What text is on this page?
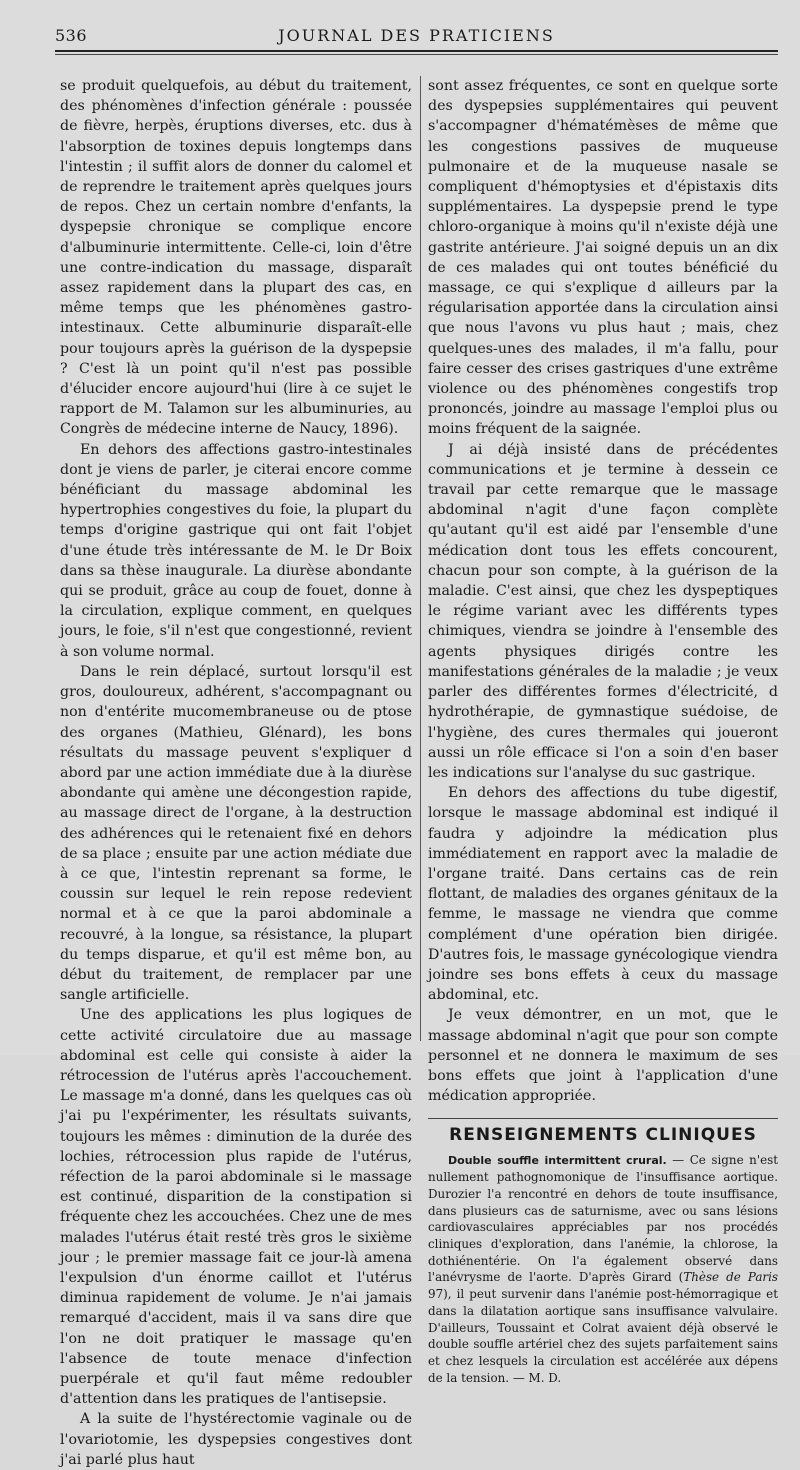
536	JOURNAL DES PRATICIENS

se produit quelquefois, au début du traitement, des phénomènes d'infection générale : poussée de fièvre, herpès, éruptions diverses, etc. dus à l'absorption de toxines depuis longtemps dans l'intestin ; il suffit alors de donner du calomel et de reprendre le traitement après quelques jours de repos. Chez un certain nombre d'enfants, la dyspepsie chronique se complique encore d'albuminurie intermittente. Celle-ci, loin d'être une contre-indication du massage, disparaît assez rapidement dans la plupart des cas, en même temps que les phénomènes gastro-intestinaux. Cette albuminurie disparaît-elle pour toujours après la guérison de la dyspepsie ? C'est là un point qu'il n'est pas possible d'élucider encore aujourd'hui (lire à ce sujet le rapport de M. Talamon sur les albuminuries, au Congrès de médecine interne de Naucy, 1896).

En dehors des affections gastro-intestinales dont je viens de parler, je citerai encore comme bénéficiant du massage abdominal les hypertrophies congestives du foie, la plupart du temps d'origine gastrique qui ont fait l'objet d'une étude très intéressante de M. le Dr Boix dans sa thèse inaugurale. La diurèse abondante qui se produit, grâce au coup de fouet, donne à la circulation, explique comment, en quelques jours, le foie, s'il n'est que congestionné, revient à son volume normal.

Dans le rein déplacé, surtout lorsqu'il est gros, douloureux, adhérent, s'accompagnant ou non d'entérite mucomembraneuse ou de ptose des organes (Mathieu, Glénard), les bons résultats du massage peuvent s'expliquer d abord par une action immédiate due à la diurèse abondante qui amène une décongestion rapide, au massage direct de l'organe, à la destruction des adhérences qui le retenaient fixé en dehors de sa place ; ensuite par une action médiate due à ce que, l'intestin reprenant sa forme, le coussin sur lequel le rein repose redevient normal et à ce que la paroi abdominale a recouvré, à la longue, sa résistance, la plupart du temps disparue, et qu'il est même bon, au début du traitement, de remplacer par une sangle artificielle.

Une des applications les plus logiques de cette activité circulatoire due au massage abdominal est celle qui consiste à aider la rétrocession de l'utérus après l'accouchement. Le massage m'a donné, dans les quelques cas où j'ai pu l'expérimenter, les résultats suivants, toujours les mêmes : diminution de la durée des lochies, rétrocession plus rapide de l'utérus, réfection de la paroi abdominale si le massage est continué, disparition de la constipation si fréquente chez les accouchées. Chez une de mes malades l'utérus était resté très gros le sixième jour ; le premier massage fait ce jour-là amena l'expulsion d'un énorme caillot et l'utérus diminua rapidement de volume. Je n'ai jamais remarqué d'accident, mais il va sans dire que l'on ne doit pratiquer le massage qu'en l'absence de toute menace d'infection puerpérale et qu'il faut même redoubler d'attention dans les pratiques de l'antisepsie.

A la suite de l'hystérectomie vaginale ou de l'ovariotomie, les dyspepsies congestives dont j'ai parlé plus haut

sont assez fréquentes, ce sont en quelque sorte des dyspepsies supplémentaires qui peuvent s'accompagner d'hématémèses de même que les congestions passives de muqueuse pulmonaire et de la muqueuse nasale se compliquent d'hémoptysies et d'épistaxis dits supplémentaires. La dyspepsie prend le type chloro-organique à moins qu'il n'existe déjà une gastrite antérieure. J'ai soigné depuis un an dix de ces malades qui ont toutes bénéficié du massage, ce qui s'explique d ailleurs par la régularisation apportée dans la circulation ainsi que nous l'avons vu plus haut ; mais, chez quelques-unes des malades, il m'a fallu, pour faire cesser des crises gastriques d'une extrême violence ou des phénomènes congestifs trop prononcés, joindre au massage l'emploi plus ou moins fréquent de la saignée.

J ai déjà insisté dans de précédentes communications et je termine à dessein ce travail par cette remarque que le massage abdominal n'agit d'une façon complète qu'autant qu'il est aidé par l'ensemble d'une médication dont tous les effets concourent, chacun pour son compte, à la guérison de la maladie. C'est ainsi, que chez les dyspeptiques le régime variant avec les différents types chimiques, viendra se joindre à l'ensemble des agents physiques dirigés contre les manifestations générales de la maladie ; je veux parler des différentes formes d'électricité, d hydrothérapie, de gymnastique suédoise, de l'hygiène, des cures thermales qui joueront aussi un rôle efficace si l'on a soin d'en baser les indications sur l'analyse du suc gastrique.

En dehors des affections du tube digestif, lorsque le massage abdominal est indiqué il faudra y adjoindre la médication plus immédiatement en rapport avec la maladie de l'organe traité. Dans certains cas de rein flottant, de maladies des organes génitaux de la femme, le massage ne viendra que comme complément d'une opération bien dirigée. D'autres fois, le massage gynécologique viendra joindre ses bons effets à ceux du massage abdominal, etc.

Je veux démontrer, en un mot, que le massage abdominal n'agit que pour son compte personnel et ne donnera le maximum de ses bons effets que joint à l'application d'une médication appropriée.

RENSEIGNEMENTS CLINIQUES

Double souffle intermittent crural. — Ce signe n'est nullement pathognomonique de l'insuffisance aortique. Durozier l'a rencontré en dehors de toute insuffisance, dans plusieurs cas de saturnisme, avec ou sans lésions cardiovasculaires appréciables par nos procédés cliniques d'exploration, dans l'anémie, la chlorose, la dothiénentérie. On l'a également observé dans l'anévrysme de l'aorte. D'après Girard (Thèse de Paris 97), il peut survenir dans l'anémie post-hémorragique et dans la dilatation aortique sans insuffisance valvulaire. D'ailleurs, Toussaint et Colrat avaient déjà observé le double souffle artériel chez des sujets parfaitement sains et chez lesquels la circulation est accélérée aux dépens de la tension. — M. D.
